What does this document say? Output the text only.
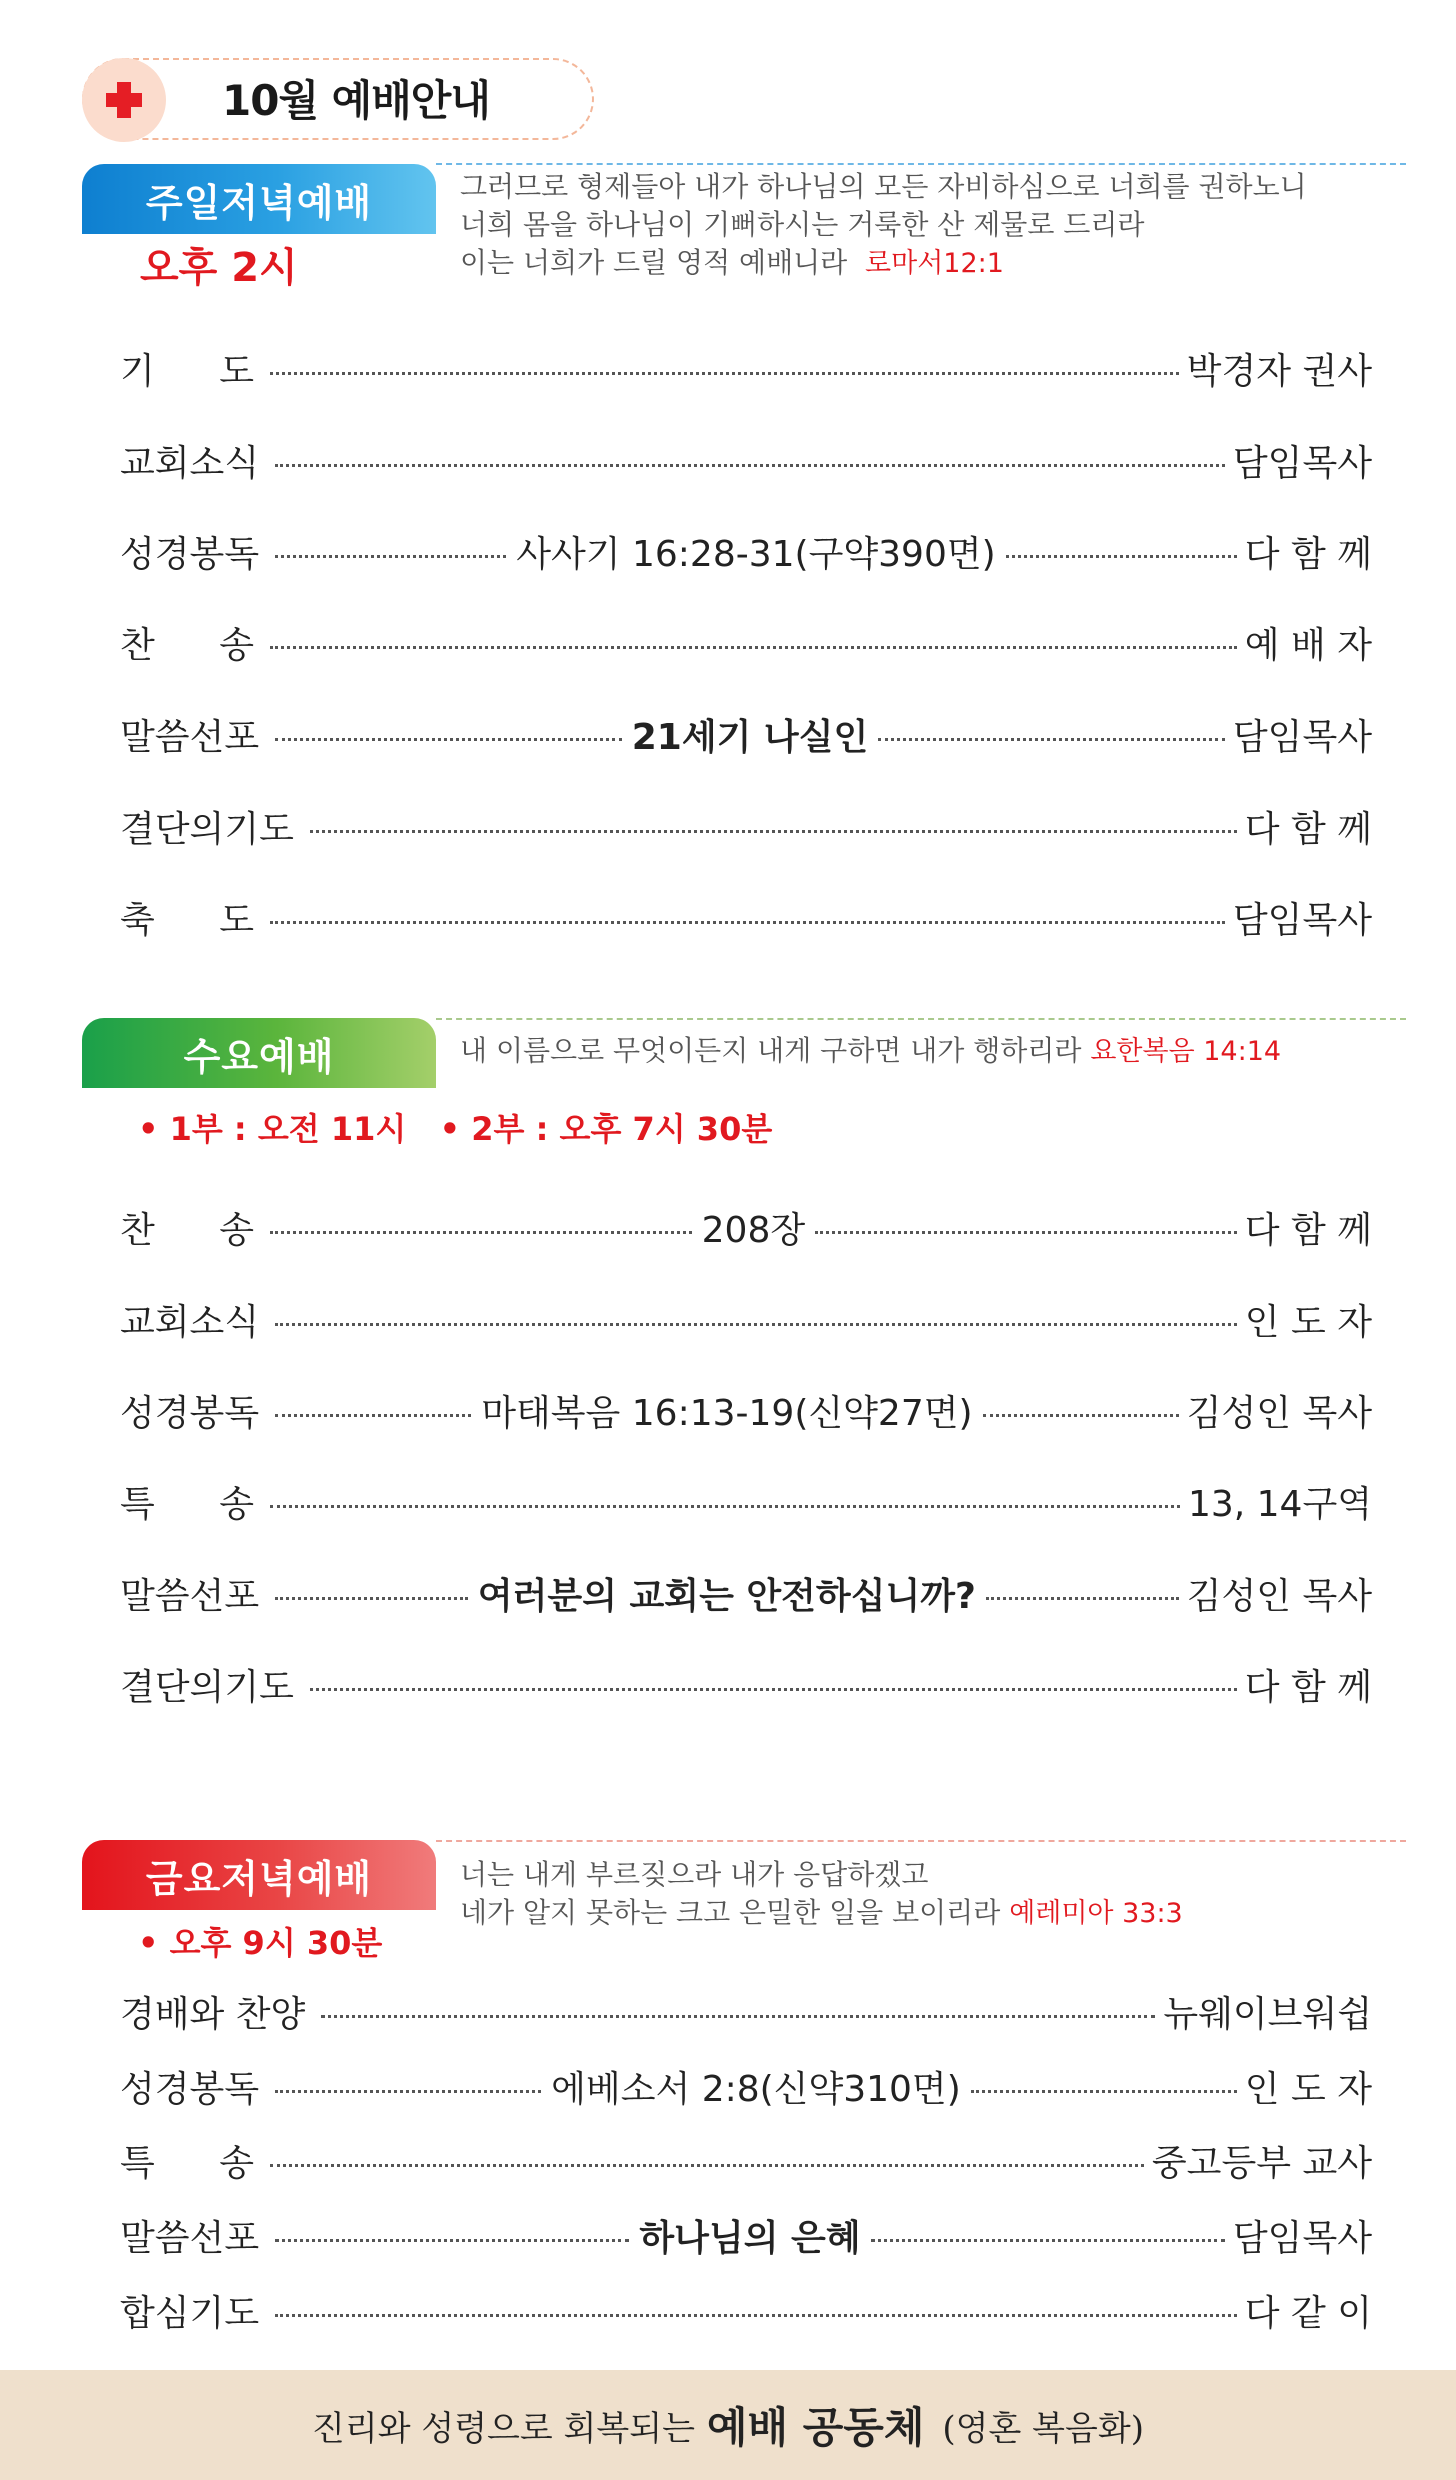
10월 예배안내
주일저녁예배	그러므로 형제들아 내가 하나님의 모든 자비하심으로 너희를 권하노니
너희 몸을 하나님이 기뻐하시는 거룩한 산 제물로 드리라
이는 너희가 드릴 영적 예배니라 로마서12:1
오후 2시
기 도	박경자 권사
교회소식	담임목사
성경봉독	사사기 16:28-31(구약390면)	다 함 께
찬 송	예 배 자
말씀선포	21세기 나실인	담임목사
결단의기도	다 함 께
축 도	담임목사
수요예배	내 이름으로 무엇이든지 내게 구하면 내가 행하리라 요한복음 14:14
• 1부 : 오전 11시   • 2부 : 오후 7시 30분
찬 송	208장	다 함 께
교회소식	인 도 자
성경봉독	마태복음 16:13-19(신약27면)	김성인 목사
특 송	13, 14구역
말씀선포	여러분의 교회는 안전하십니까?	김성인 목사
결단의기도	다 함 께
금요저녁예배	너는 내게 부르짖으라 내가 응답하겠고
네가 알지 못하는 크고 은밀한 일을 보이리라 예레미아 33:3
• 오후 9시 30분
경배와 찬양	뉴웨이브워쉽
성경봉독	에베소서 2:8(신약310면)	인 도 자
특 송	중고등부 교사
말씀선포	하나님의 은혜	담임목사
합심기도	다 같 이
진리와 성령으로 회복되는 예배 공동체 (영혼 복음화)
